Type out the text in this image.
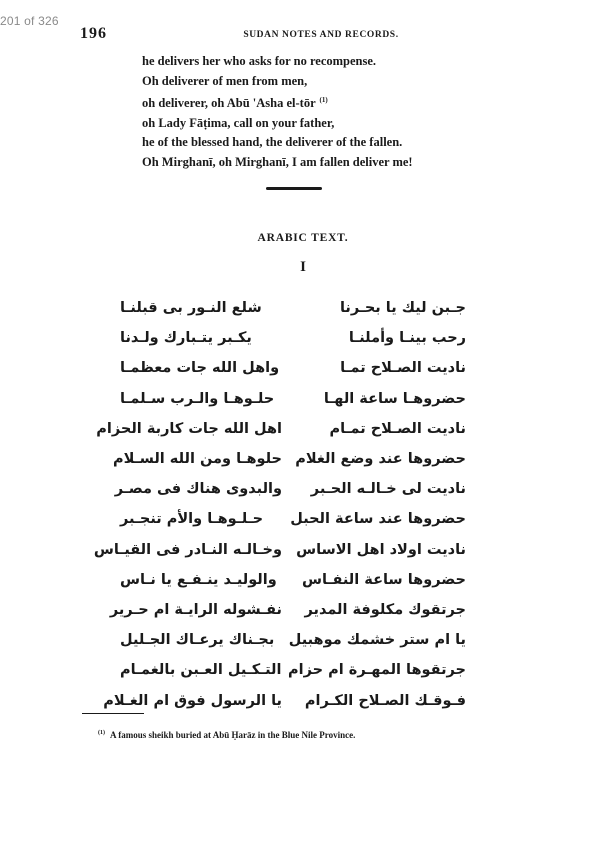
201 of 326
196	SUDAN NOTES AND RECORDS.
he delivers her who asks for no recompense.
Oh deliverer of men from men,
oh deliverer, oh Abū 'Asha el-tōr $^{(1)}$
oh Lady Fāṭima, call on your father,
he of the blessed hand, the deliverer of the fallen.
Oh Mirghanī, oh Mirghanī, I am fallen deliver me!
ARABIC TEXT.
I
جـبن ليك يا بحـرنا
شلع النـور بى قبلنـا
رحب بينـا وأملنـا
يكـبر يتـبارك ولـدنا
ناديت الصـلاح تمـا
واهل الله جات معظمـا
حضروهـا ساعة الهـا
حلـوهـا والـرب سـلمـا
ناديت الصـلاح تمـام
اهل الله جات كاربة الحزام
حضروها عند وضع الغلام
حلوهـا ومن الله السـلام
ناديت لى خـالـه الحـبر
والبدوى هناك فى مصـر
حضروها عند ساعة الحبل
حـلـوهـا والأم تنجـبر
ناديت اولاد اهل الاساس
وخـالـه النـادر فى القيـاس
حضروها ساعة النفـاس
والوليـد ينـفـع يا نـاس
جرتقوك مكلوفة المدير
نفـشوله الرايـة ام حـرير
يا ام ستر خشمك موهبيل
بجـناك يرعـاك الجـليل
جرتقوها المهـرة ام حزام
التـكـيل العـبن بالغمـام
فـوقـك الصـلاح الكـرام
يا الرسول فوق ام الغـلام
$^{(1)}$ A famous sheikh buried at Abū Ḥarāz in the Blue Nile Province.
